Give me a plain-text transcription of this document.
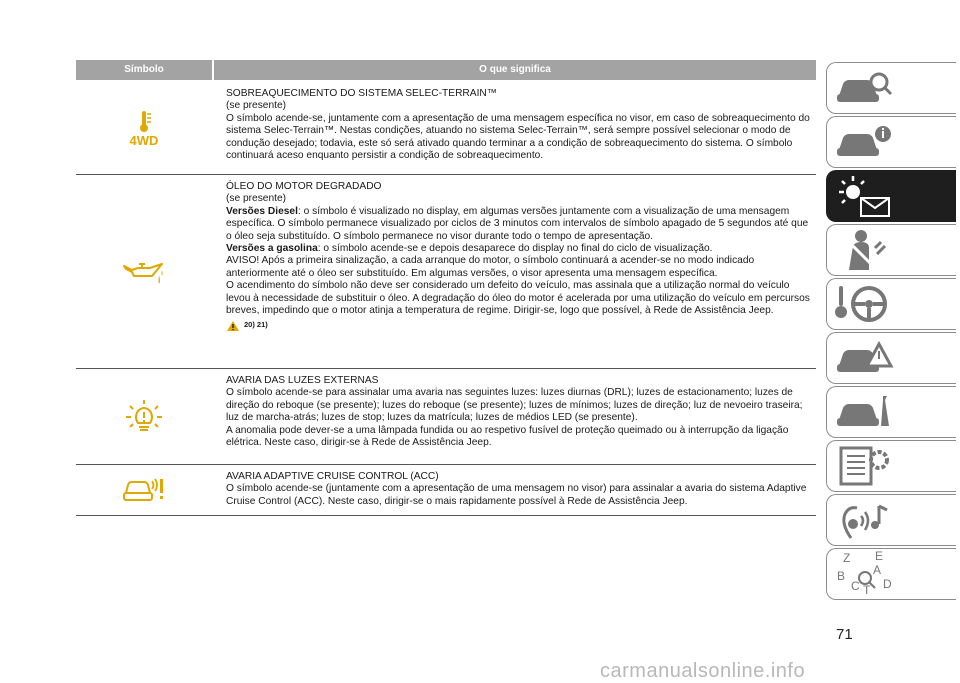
Símbolo	O que significa
4WD

SOBREAQUECIMENTO DO SISTEMA SELEC-TERRAIN™

(se presente)

O símbolo acende-se, juntamente com a apresentação de uma mensagem específica no visor, em caso de sobreaquecimento do sistema Selec-Terrain™. Nestas condições, atuando no sistema Selec-Terrain™, será sempre possível selecionar o modo de condução desejado; todavia, este só será ativado quando terminar a a condição de sobreaquecimento do sistema. O símbolo continuará aceso enquanto persistir a condição de sobreaquecimento.

i

ÓLEO DO MOTOR DEGRADADO

(se presente)

Versões Diesel: o símbolo é visualizado no display, em algumas versões juntamente com a visualização de uma mensagem específica. O símbolo permanece visualizado por ciclos de 3 minutos com intervalos de símbolo apagado de 5 segundos até que o óleo seja substituído. O símbolo permanece no visor durante todo o tempo de apresentação.

Versões a gasolina: o símbolo acende-se e depois desaparece do display no final do ciclo de visualização.

AVISO! Após a primeira sinalização, a cada arranque do motor, o símbolo continuará a acender-se no modo indicado anteriormente até o óleo ser substituído. Em algumas versões, o visor apresenta uma mensagem específica.

O acendimento do símbolo não deve ser considerado um defeito do veículo, mas assinala que a utilização normal do veículo levou à necessidade de substituir o óleo. A degradação do óleo do motor é acelerada por uma utilização do veículo em percursos breves, impedindo que o motor atinja a temperatura de regime. Dirigir-se, logo que possível, à Rede de Assistência Jeep.

20) 21)

AVARIA DAS LUZES EXTERNAS

O símbolo acende-se para assinalar uma avaria nas seguintes luzes: luzes diurnas (DRL); luzes de estacionamento; luzes de direção do reboque (se presente); luzes do reboque (se presente); luzes de mínimos; luzes de direção; luz de nevoeiro traseira; luz de marcha-atrás; luzes de stop; luzes da matrícula; luzes de médios LED (se presente).

A anomalia pode dever-se a uma lâmpada fundida ou ao respetivo fusível de proteção queimado ou à interrupção da ligação elétrica. Neste caso, dirigir-se à Rede de Assistência Jeep.

AVARIA ADAPTIVE CRUISE CONTROL (ACC)

O símbolo acende-se (juntamente com a apresentação de uma mensagem no visor) para assinalar a avaria do sistema Adaptive Cruise Control (ACC). Neste caso, dirigir-se o mais rapidamente possível à Rede de Assistência Jeep.

Z E
B A
C T D
71
carmanualsonline.info
